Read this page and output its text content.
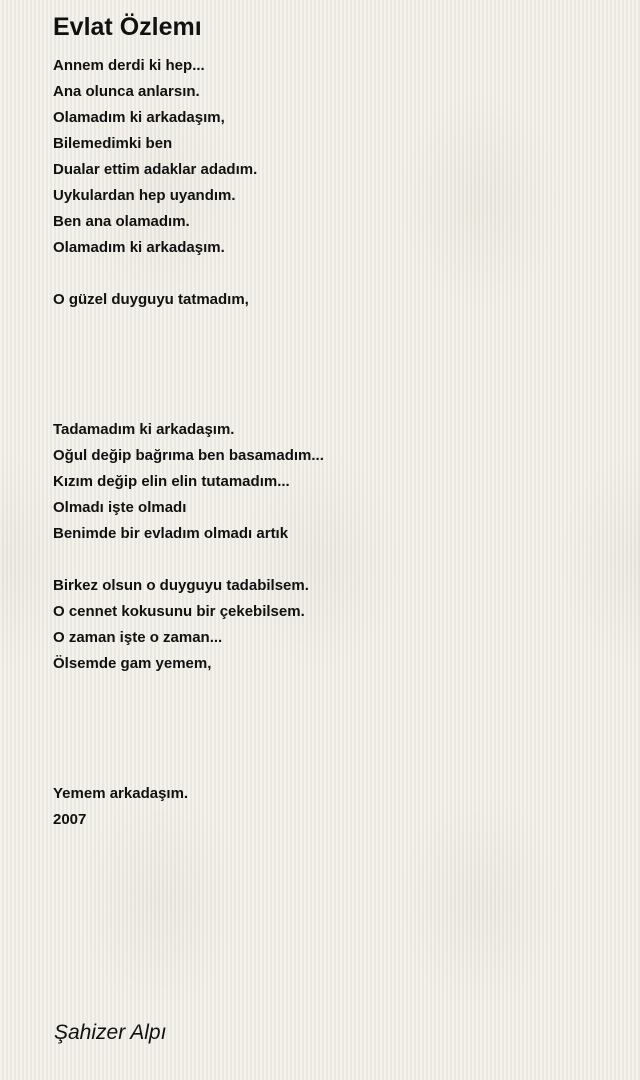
Evlat Özlemı
Annem derdi ki hep...
Ana olunca anlarsın.
Olamadım ki arkadaşım,
Bilemedimki ben
Dualar ettim adaklar adadım.
Uykulardan hep uyandım.
Ben ana olamadım.
Olamadım ki arkadaşım.
O güzel duyguyu tatmadım,
Tadamadım ki arkadaşım.
Oğul değip bağrıma ben basamadım...
Kızım değip elin elin tutamadım...
Olmadı işte olmadı
Benimde bir evladım olmadı artık
Birkez olsun o duyguyu tadabilsem.
O cennet kokusunu bir çekebilsem.
O zaman işte o zaman...
Ölsemde gam yemem,
Yemem arkadaşım.
2007
Şahizer Alpı
